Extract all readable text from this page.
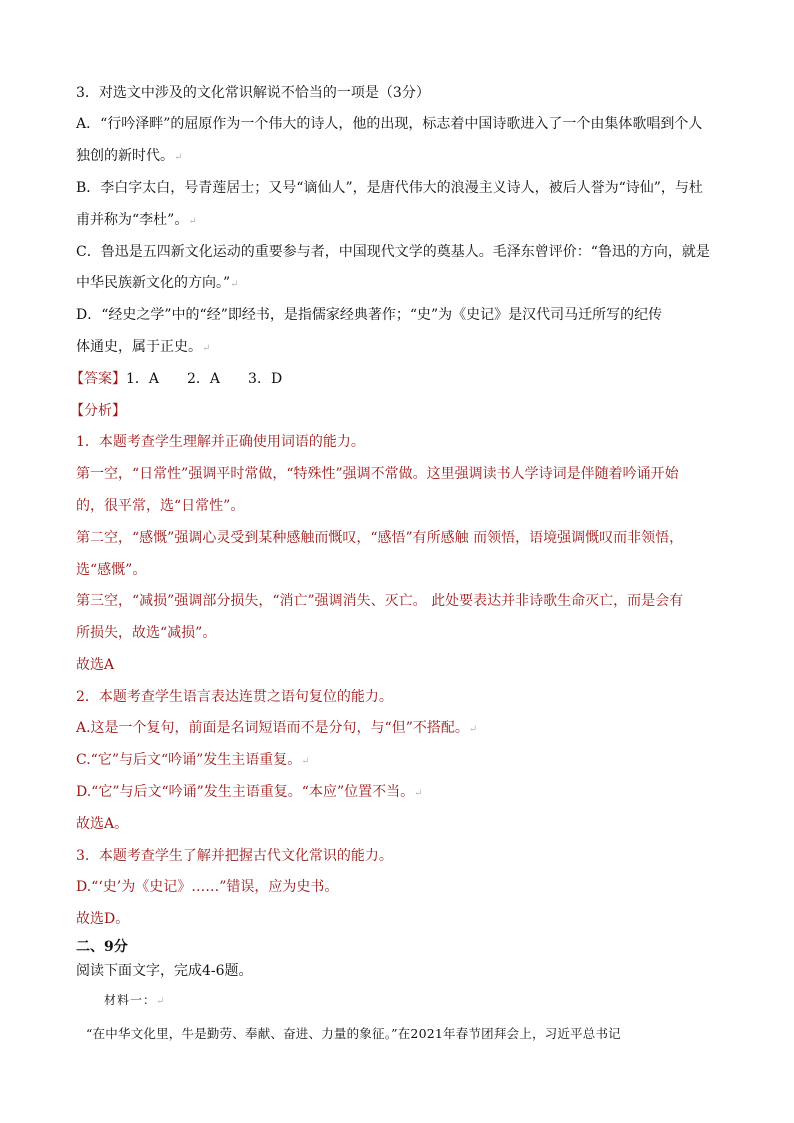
3．对选文中涉及的文化常识解说不恰当的一项是（3分）
A．“行吟泽畔”的屈原作为一个伟大的诗人，他的出现，标志着中国诗歌进入了一个由集体歌唱到个人
独创的新时代。↵
B．李白字太白，号青莲居士；又号“谪仙人”，是唐代伟大的浪漫主义诗人，被后人誉为“诗仙”，与杜
甫并称为“李杜”。↵
C．鲁迅是五四新文化运动的重要参与者，中国现代文学的奠基人。毛泽东曾评价：“鲁迅的方向，就是
中华民族新文化的方向。”↵
D．“经史之学”中的“经”即经书，是指儒家经典著作；“史”为《史记》是汉代司马迁所写的纪传
体通史，属于正史。↵
【答案】1．A　　2．A　　3．D
【分析】
1．本题考查学生理解并正确使用词语的能力。
第一空，“日常性”强调平时常做，“特殊性”强调不常做。这里强调读书人学诗词是伴随着吟诵开始
的，很平常，选“日常性”。
第二空，“感慨”强调心灵受到某种感触而慨叹，“感悟”有所感触 而领悟，语境强调慨叹而非领悟，
选“感慨”。
第三空，“减损”强调部分损失，“消亡”强调消失、灭亡。 此处要表达并非诗歌生命灭亡，而是会有
所损失，故选“减损”。
故选A
2．本题考查学生语言表达连贯之语句复位的能力。
A.这是一个复句，前面是名词短语而不是分句，与“但”不搭配。↵
C.“它”与后文“吟诵”发生主语重复。↵
D.“它”与后文“吟诵”发生主语重复。“本应”位置不当。↵
故选A。
3．本题考查学生了解并把握古代文化常识的能力。
D.“‘史’为《史记》……”错误，应为史书。
故选D。
二、9分
阅读下面文字，完成4-6题。
材料一：↵
“在中华文化里，牛是勤劳、奉献、奋进、力量的象征。”在2021年春节团拜会上，习近平总书记
